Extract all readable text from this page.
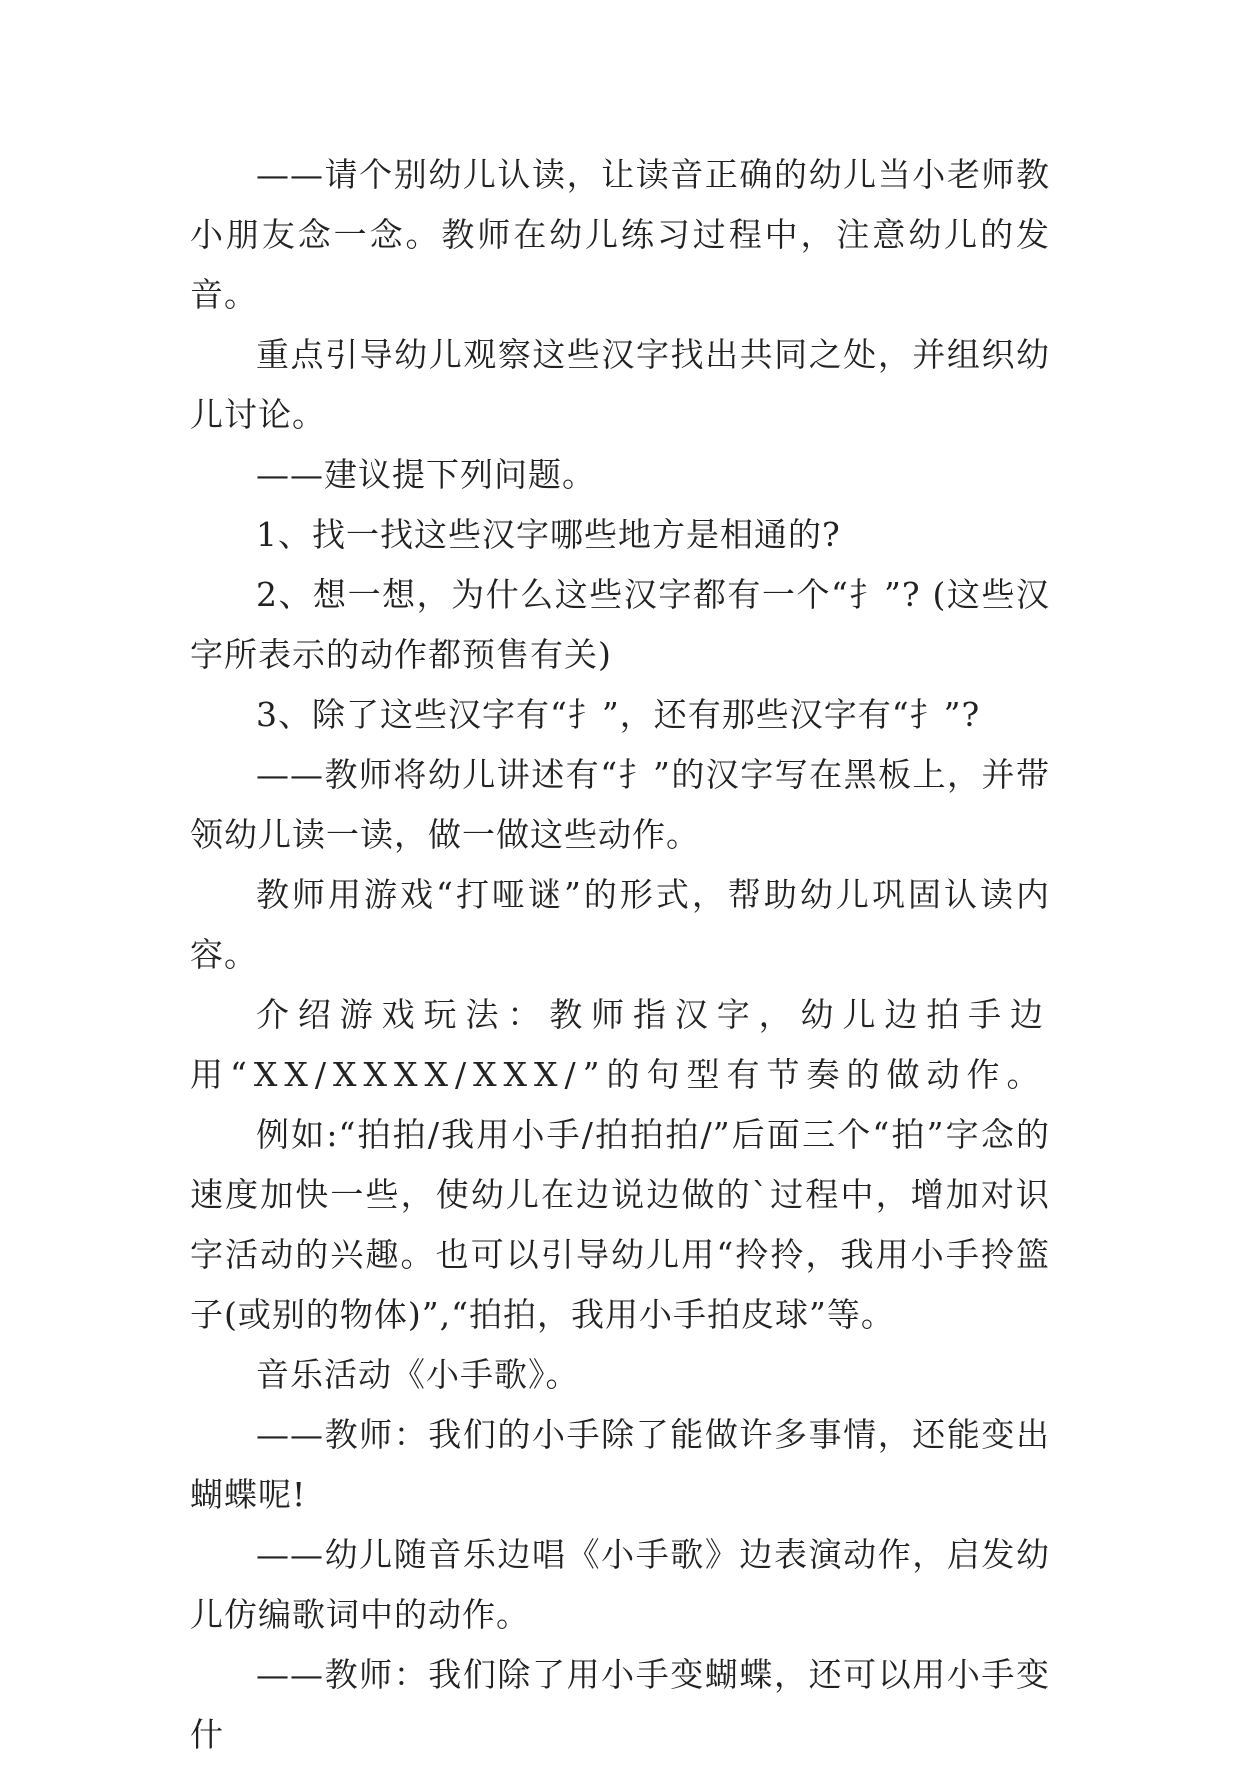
——请个别幼儿认读，让读音正确的幼儿当小老师教小朋友念一念。教师在幼儿练习过程中，注意幼儿的发音。

重点引导幼儿观察这些汉字找出共同之处，并组织幼儿讨论。

——建议提下列问题。

1、找一找这些汉字哪些地方是相通的?

2、想一想，为什么这些汉字都有一个“扌”? (这些汉字所表示的动作都预售有关)

3、除了这些汉字有“扌”，还有那些汉字有“扌”?

——教师将幼儿讲述有“扌”的汉字写在黑板上，并带领幼儿读一读，做一做这些动作。

教师用游戏“打哑谜”的形式，帮助幼儿巩固认读内容。

介绍游戏玩法：教师指汉字，幼儿边拍手边用“XX/XXXX/XXX/”的句型有节奏的做动作。

例如:“拍拍/我用小手/拍拍拍/”后面三个“拍”字念的速度加快一些，使幼儿在边说边做的`过程中，增加对识字活动的兴趣。也可以引导幼儿用“拎拎，我用小手拎篮子(或别的物体)”,“拍拍，我用小手拍皮球”等。

音乐活动《小手歌》。

——教师：我们的小手除了能做许多事情，还能变出蝴蝶呢!

——幼儿随音乐边唱《小手歌》边表演动作，启发幼儿仿编歌词中的动作。

——教师：我们除了用小手变蝴蝶，还可以用小手变什
